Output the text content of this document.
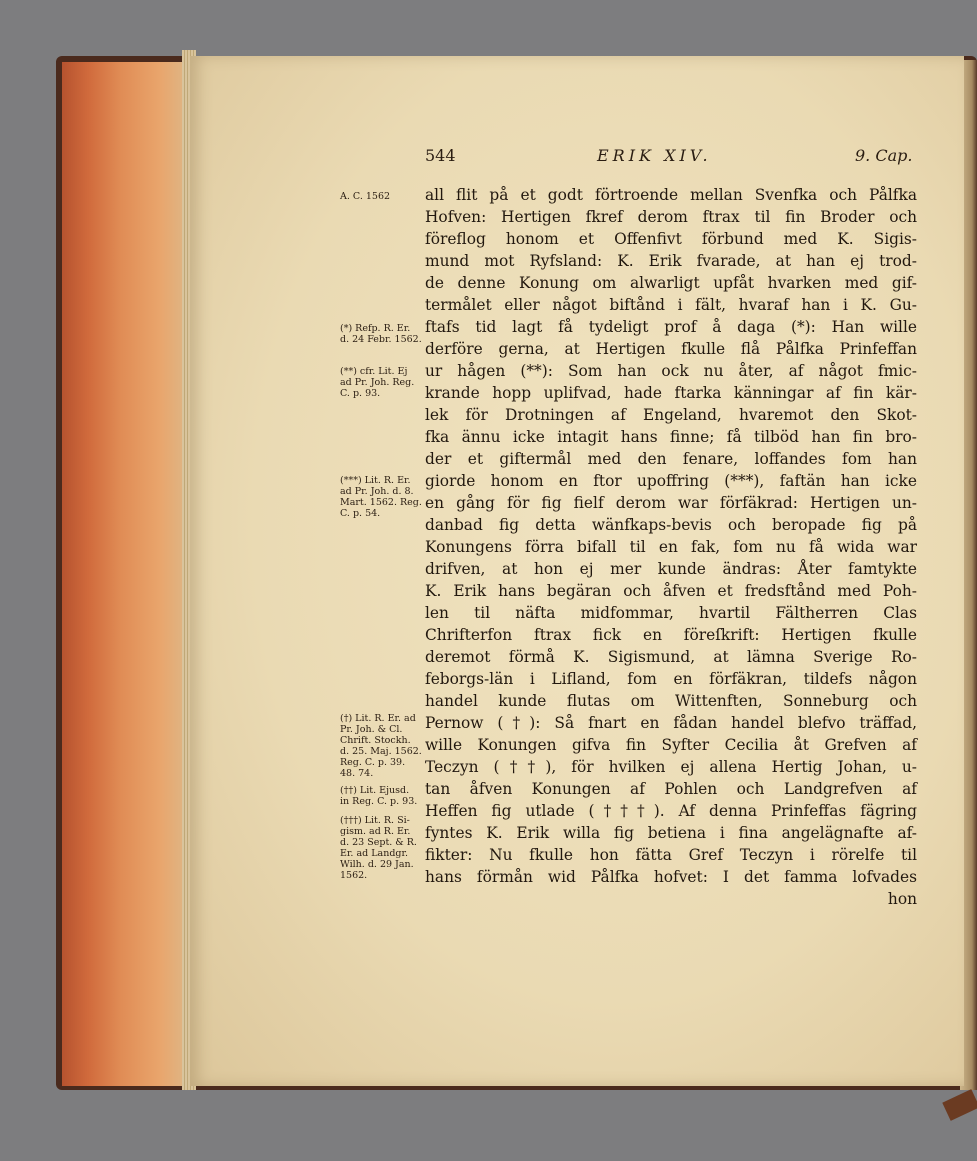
544	ERIK XIV.	9. Cap.
all flit på et godt förtroende mellan Svenfka och Pålfka
Hofven: Hertigen fkref derom ftrax til fin Broder och
föreflog honom et Offenfivt förbund med K. Sigis-
mund mot Ryfsland: K. Erik fvarade, at han ej trod-
de denne Konung om alwarligt upfåt hvarken med gif-
termålet eller något biftånd i fält, hvaraf han i K. Gu-
ftafs tid lagt få tydeligt prof å daga (*): Han wille
derföre gerna, at Hertigen fkulle flå Pålfka Prinfeffan
ur hågen (**): Som han ock nu åter, af något fmic-
krande hopp uplifvad, hade ftarka känningar af fin kär-
lek för Drotningen af Engeland, hvaremot den Skot-
fka ännu icke intagit hans finne; få tilböd han fin bro-
der et giftermål med den fenare, loffandes fom han
giorde honom en ftor upoffring (***), faftän han icke
en gång för fig fielf derom war förfäkrad: Hertigen un-
danbad fig detta wänfkaps-bevis och beropade fig på
Konungens förra bifall til en fak, fom nu få wida war
drifven, at hon ej mer kunde ändras: Åter famtykte
K. Erik hans begäran och åfven et fredsftånd med Poh-
len til näfta midfommar, hvartil Fältherren Clas
Chrifterfon ftrax fick en föreſkrift: Hertigen fkulle
deremot förmå K. Sigismund, at lämna Sverige Ro-
feborgs-län i Lifland, fom en förfäkran, tildefs någon
handel kunde flutas om Wittenften, Sonneburg och
Pernow (†): Så fnart en fådan handel blefvo träffad,
wille Konungen gifva fin Syfter Cecilia åt Grefven af
Teczyn (††), för hvilken ej allena Hertig Johan, u-
tan åfven Konungen af Pohlen och Landgrefven af
Heffen fig utlade (†††). Af denna Prinfeffas fägring
fyntes K. Erik willa fig betiena i fina angelägnafte af-
fikter: Nu fkulle hon fätta Gref Teczyn i rörelfe til
hans förmån wid Pålfka hofvet: I det famma lofvades
hon
A. C. 1562
(*) Refp. R. Er.
d. 24 Febr. 1562.
(**) cfr. Lit. Ej
ad Pr. Joh. Reg.
C. p. 93.
(***) Lit. R. Er.
ad Pr. Joh. d. 8.
Mart. 1562. Reg.
C. p. 54.
(†) Lit. R. Er. ad
Pr. Joh. & Cl.
Chrift. Stockh.
d. 25. Maj. 1562.
Reg. C. p. 39.
48. 74.
(††) Lit. Ejusd.
in Reg. C. p. 93.
(†††) Lit. R. Si-
gism. ad R. Er.
d. 23 Sept. & R.
Er. ad Landgr.
Wilh. d. 29 Jan.
1562.
